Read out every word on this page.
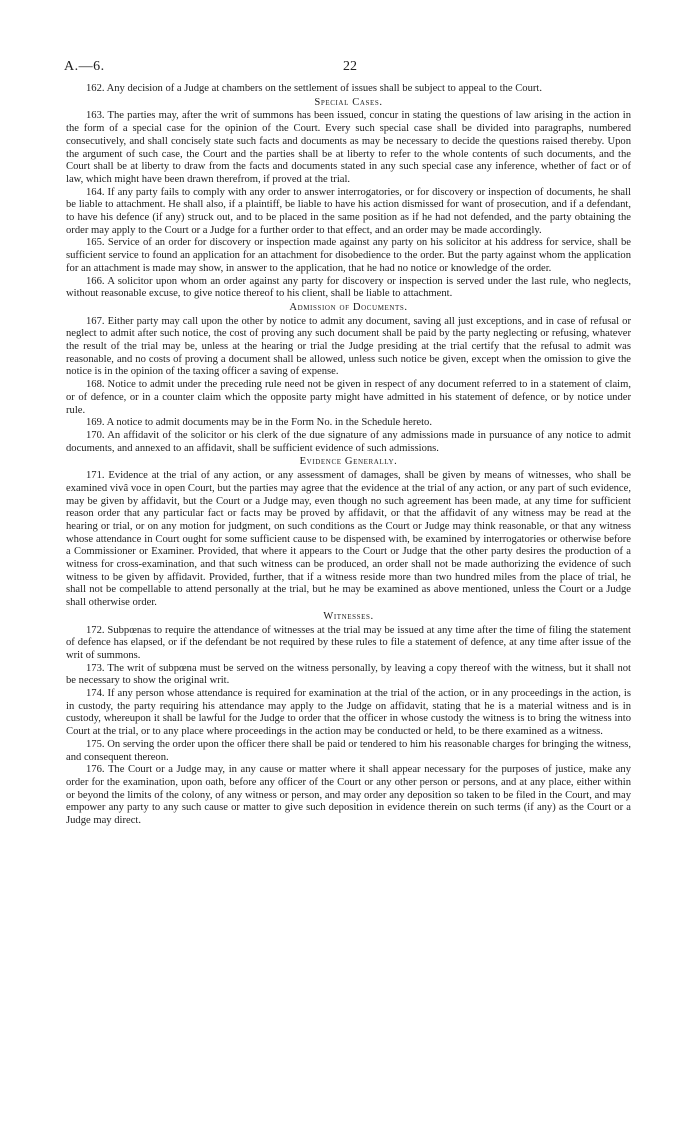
A.—6.	22

162. Any decision of a Judge at chambers on the settlement of issues shall be subject to appeal to the Court.

Special Cases.

163. The parties may, after the writ of summons has been issued, concur in stating the questions of law arising in the action in the form of a special case for the opinion of the Court. Every such special case shall be divided into paragraphs, numbered consecutively, and shall concisely state such facts and documents as may be necessary to decide the questions raised thereby. Upon the argument of such case, the Court and the parties shall be at liberty to refer to the whole contents of such documents, and the Court shall be at liberty to draw from the facts and documents stated in any such special case any inference, whether of fact or of law, which might have been drawn therefrom, if proved at the trial.

164. If any party fails to comply with any order to answer interrogatories, or for discovery or inspection of documents, he shall be liable to attachment. He shall also, if a plaintiff, be liable to have his action dismissed for want of prosecution, and if a defendant, to have his defence (if any) struck out, and to be placed in the same position as if he had not defended, and the party obtaining the order may apply to the Court or a Judge for a further order to that effect, and an order may be made accordingly.

165. Service of an order for discovery or inspection made against any party on his solicitor at his address for service, shall be sufficient service to found an application for an attachment for disobedience to the order. But the party against whom the application for an attachment is made may show, in answer to the application, that he had no notice or knowledge of the order.

166. A solicitor upon whom an order against any party for discovery or inspection is served under the last rule, who neglects, without reasonable excuse, to give notice thereof to his client, shall be liable to attachment.

Admission of Documents.

167. Either party may call upon the other by notice to admit any document, saving all just exceptions, and in case of refusal or neglect to admit after such notice, the cost of proving any such document shall be paid by the party neglecting or refusing, whatever the result of the trial may be, unless at the hearing or trial the Judge presiding at the trial certify that the refusal to admit was reasonable, and no costs of proving a document shall be allowed, unless such notice be given, except when the omission to give the notice is in the opinion of the taxing officer a saving of expense.

168. Notice to admit under the preceding rule need not be given in respect of any document referred to in a statement of claim, or of defence, or in a counter claim which the opposite party might have admitted in his statement of defence, or by notice under rule.

169. A notice to admit documents may be in the Form No. in the Schedule hereto.

170. An affidavit of the solicitor or his clerk of the due signature of any admissions made in pursuance of any notice to admit documents, and annexed to an affidavit, shall be sufficient evidence of such admissions.

Evidence Generally.

171. Evidence at the trial of any action, or any assessment of damages, shall be given by means of witnesses, who shall be examined vivâ voce in open Court, but the parties may agree that the evidence at the trial of any action, or any part of such evidence, may be given by affidavit, but the Court or a Judge may, even though no such agreement has been made, at any time for sufficient reason order that any particular fact or facts may be proved by affidavit, or that the affidavit of any witness may be read at the hearing or trial, or on any motion for judgment, on such conditions as the Court or Judge may think reasonable, or that any witness whose attendance in Court ought for some sufficient cause to be dispensed with, be examined by interrogatories or otherwise before a Commissioner or Examiner. Provided, that where it appears to the Court or Judge that the other party desires the production of a witness for cross-examination, and that such witness can be produced, an order shall not be made authorizing the evidence of such witness to be given by affidavit. Provided, further, that if a witness reside more than two hundred miles from the place of trial, he shall not be compellable to attend personally at the trial, but he may be examined as above mentioned, unless the Court or a Judge shall otherwise order.

Witnesses.

172. Subpœnas to require the attendance of witnesses at the trial may be issued at any time after the time of filing the statement of defence has elapsed, or if the defendant be not required by these rules to file a statement of defence, at any time after issue of the writ of summons.

173. The writ of subpœna must be served on the witness personally, by leaving a copy thereof with the witness, but it shall not be necessary to show the original writ.

174. If any person whose attendance is required for examination at the trial of the action, or in any proceedings in the action, is in custody, the party requiring his attendance may apply to the Judge on affidavit, stating that he is a material witness and is in custody, whereupon it shall be lawful for the Judge to order that the officer in whose custody the witness is to bring the witness into Court at the trial, or to any place where proceedings in the action may be conducted or held, to be there examined as a witness.

175. On serving the order upon the officer there shall be paid or tendered to him his reasonable charges for bringing the witness, and consequent thereon.

176. The Court or a Judge may, in any cause or matter where it shall appear necessary for the purposes of justice, make any order for the examination, upon oath, before any officer of the Court or any other person or persons, and at any place, either within or beyond the limits of the colony, of any witness or person, and may order any deposition so taken to be filed in the Court, and may empower any party to any such cause or matter to give such deposition in evidence therein on such terms (if any) as the Court or a Judge may direct.
